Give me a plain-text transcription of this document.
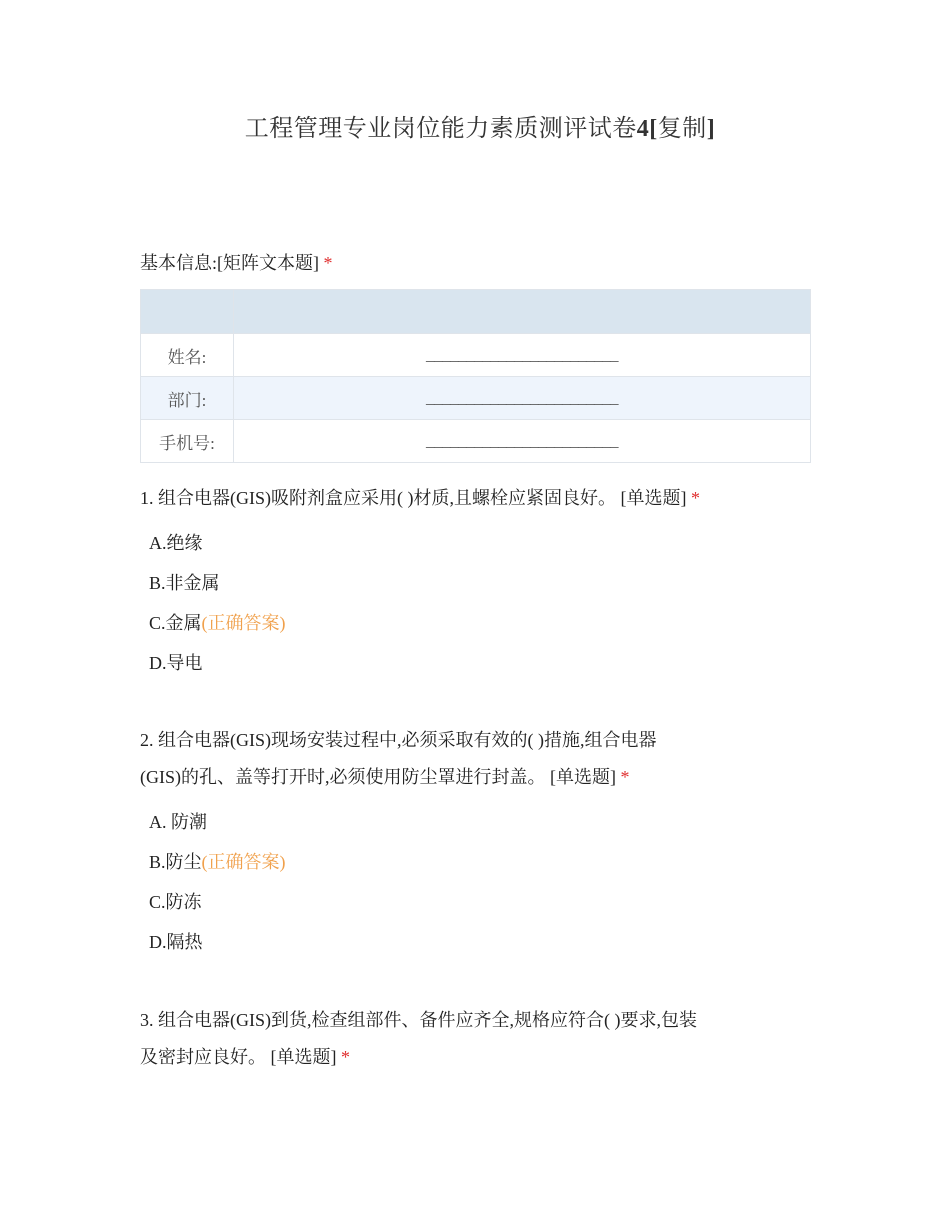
工程管理专业岗位能力素质测评试卷4[复制]
基本信息:[矩阵文本题] *

姓名:	________________________
部门:	________________________
手机号:	________________________
1. 组合电器(GIS)吸附剂盒应采用( )材质,且螺栓应紧固良好。 [单选题] *
A.绝缘
B.非金属
C.金属(正确答案)
D.导电
2. 组合电器(GIS)现场安装过程中,必须采取有效的( )措施,组合电器
(GIS)的孔、盖等打开时,必须使用防尘罩进行封盖。 [单选题] *
A. 防潮
B.防尘(正确答案)
C.防冻
D.隔热
3. 组合电器(GIS)到货,检查组部件、备件应齐全,规格应符合( )要求,包装
及密封应良好。 [单选题] *
